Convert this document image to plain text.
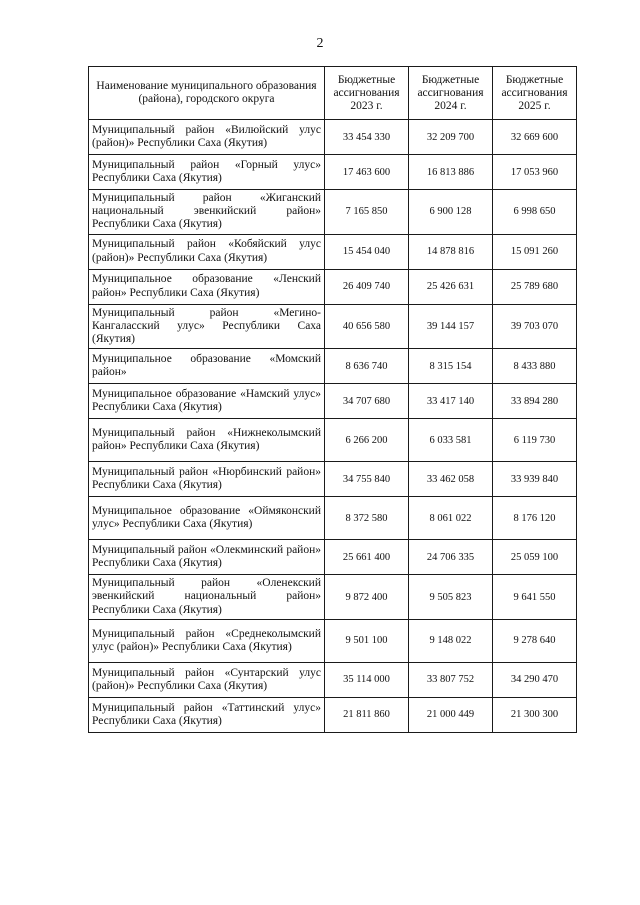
2
Наименование муниципального образования (района), городского округа	Бюджетные ассигнования 2023 г.	Бюджетные ассигнования 2024 г.	Бюджетные ассигнования 2025 г.
Муниципальный район «Вилюйский улус (район)» Республики Саха (Якутия)	33 454 330	32 209 700	32 669 600
Муниципальный район «Горный улус» Республики Саха (Якутия)	17 463 600	16 813 886	17 053 960
Муниципальный район «Жиганский национальный эвенкийский район» Республики Саха (Якутия)	7 165 850	6 900 128	6 998 650
Муниципальный район «Кобяйский улус (район)» Республики Саха (Якутия)	15 454 040	14 878 816	15 091 260
Муниципальное образование «Ленский район» Республики Саха (Якутия)	26 409 740	25 426 631	25 789 680
Муниципальный район «Мегино-Кангаласский улус» Республики Саха (Якутия)	40 656 580	39 144 157	39 703 070
Муниципальное образование «Момский район»	8 636 740	8 315 154	8 433 880
Муниципальное образование «Намский улус» Республики Саха (Якутия)	34 707 680	33 417 140	33 894 280
Муниципальный район «Нижнеколымский район» Республики Саха (Якутия)	6 266 200	6 033 581	6 119 730
Муниципальный район «Нюрбинский район» Республики Саха (Якутия)	34 755 840	33 462 058	33 939 840
Муниципальное образование «Оймяконский улус» Республики Саха (Якутия)	8 372 580	8 061 022	8 176 120
Муниципальный район «Олекминский район» Республики Саха (Якутия)	25 661 400	24 706 335	25 059 100
Муниципальный район «Оленекский эвенкийский национальный район» Республики Саха (Якутия)	9 872 400	9 505 823	9 641 550
Муниципальный район «Среднеколымский улус (район)» Республики Саха (Якутия)	9 501 100	9 148 022	9 278 640
Муниципальный район «Сунтарский улус (район)» Республики Саха (Якутия)	35 114 000	33 807 752	34 290 470
Муниципальный район «Таттинский улус» Республики Саха (Якутия)	21 811 860	21 000 449	21 300 300
